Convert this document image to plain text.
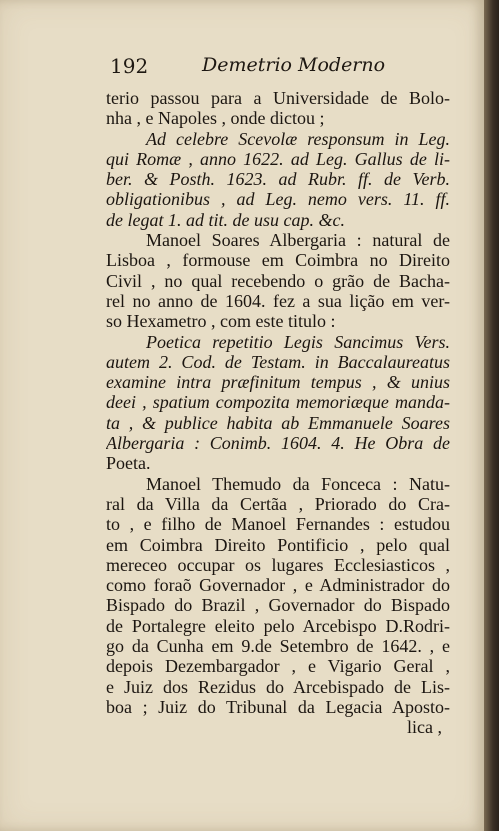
192	Demetrio Moderno
terio passou para a Universidade de Bolo-
nha , e Napoles , onde dictou ;
Ad celebre Scevolæ responsum in Leg.
qui Romæ , anno 1622. ad Leg. Gallus de li-
ber. & Posth. 1623. ad Rubr. ff. de Verb.
obligationibus , ad Leg. nemo vers. 11. ff.
de legat 1. ad tit. de usu cap. &c.
Manoel Soares Albergaria : natural de
Lisboa , formouse em Coimbra no Direito
Civil , no qual recebendo o grão de Bacha-
rel no anno de 1604. fez a sua lição em ver-
so Hexametro , com este titulo :
Poetica repetitio Legis Sancimus Vers.
autem 2. Cod. de Testam. in Baccalaureatus
examine intra præfinitum tempus , & unius
deei , spatium compozita memoriæque manda-
ta , & publice habita ab Emmanuele Soares
Albergaria : Conimb. 1604. 4. He Obra de
Poeta.
Manoel Themudo da Fonceca : Natu-
ral da Villa da Certãa , Priorado do Cra-
to , e filho de Manoel Fernandes : estudou
em Coimbra Direito Pontificio , pelo qual
mereceo occupar os lugares Ecclesiasticos ,
como foraõ Governador , e Administrador do
Bispado do Brazil , Governador do Bispado
de Portalegre eleito pelo Arcebispo D.Rodri-
go da Cunha em 9.de Setembro de 1642. , e
depois Dezembargador , e Vigario Geral ,
e Juiz dos Rezidus do Arcebispado de Lis-
boa ; Juiz do Tribunal da Legacia Aposto-
lica ,
